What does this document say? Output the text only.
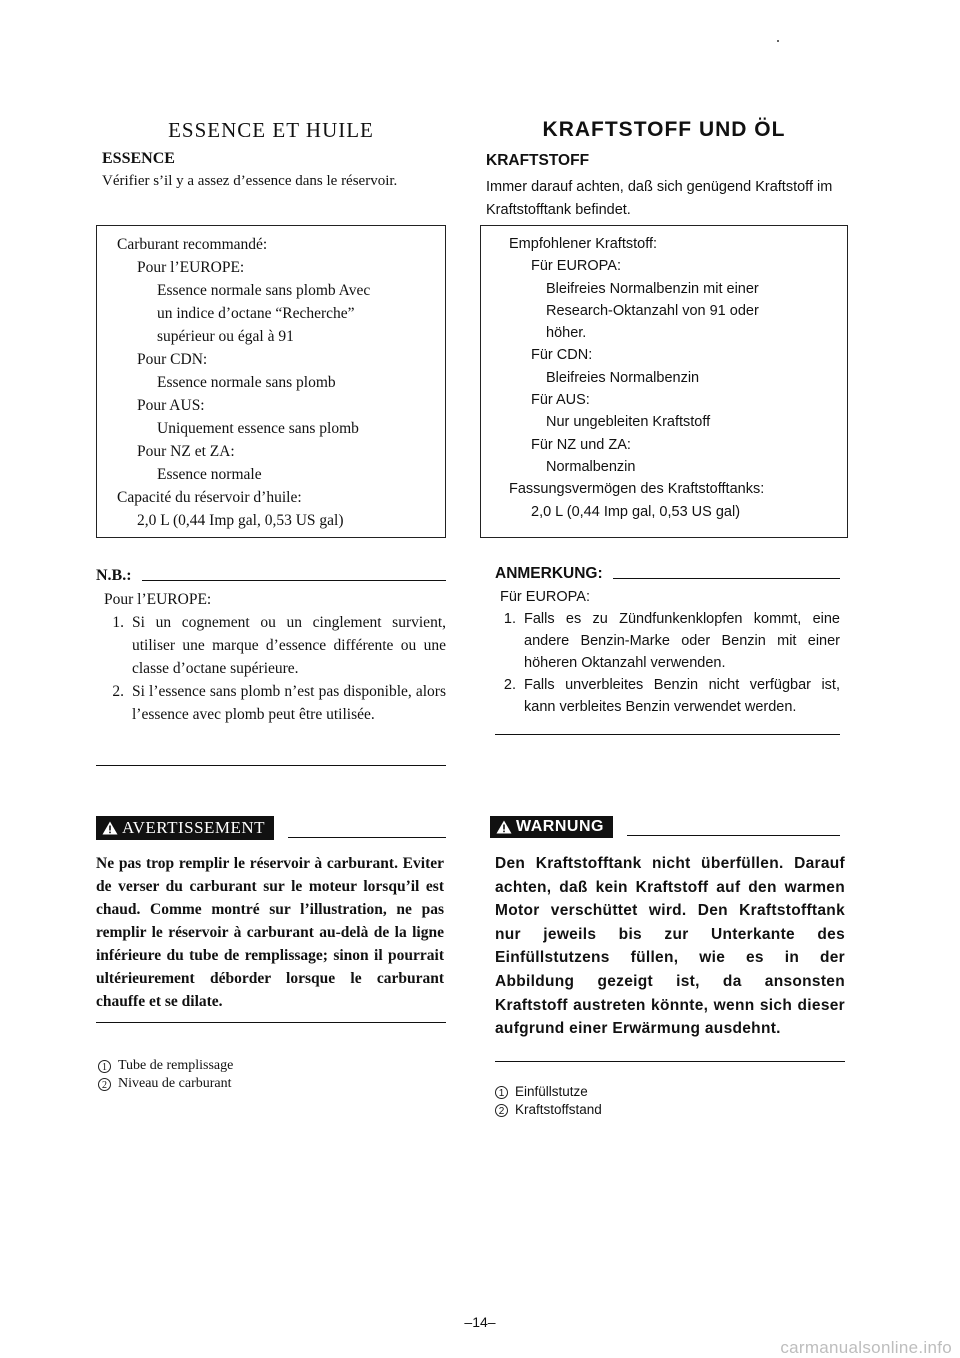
ESSENCE ET HUILE
ESSENCE
Vérifier s’il y a assez d’essence dans le réservoir.
Carburant recommandé:
Pour l’EUROPE:
Essence normale sans plomb Avec
un indice d’octane “Recherche”
supérieur ou égal à 91
Pour CDN:
Essence normale sans plomb
Pour AUS:
Uniquement essence sans plomb
Pour NZ et ZA:
Essence normale
Capacité du réservoir d’huile:
2,0 L (0,44 Imp gal, 0,53 US gal)
N.B.:
Pour l’EUROPE:
1. Si un cognement ou un cinglement survient, utiliser une marque d’essence différente ou une classe d’octane supérieure.
2. Si l’essence sans plomb n’est pas disponible, alors l’essence avec plomb peut être utilisée.
AVERTISSEMENT
Ne pas trop remplir le réservoir à carburant. Eviter de verser du carburant sur le moteur lorsqu’il est chaud. Comme montré sur l’illustration, ne pas remplir le réservoir à carburant au-delà de la ligne inférieure du tube de remplissage; sinon il pourrait ultérieurement déborder lorsque le carburant chauffe et se dilate.
1 Tube de remplissage
2 Niveau de carburant
KRAFTSTOFF UND ÖL
KRAFTSTOFF
Immer darauf achten, daß sich genügend Kraftstoff im Kraftstofftank befindet.
Empfohlener Kraftstoff:
Für EUROPA:
Bleifreies Normalbenzin mit einer
Research-Oktanzahl von 91 oder
höher.
Für CDN:
Bleifreies Normalbenzin
Für AUS:
Nur ungebleiten Kraftstoff
Für NZ und ZA:
Normalbenzin
Fassungsvermögen des Kraftstofftanks:
2,0 L (0,44 Imp gal, 0,53 US gal)
ANMERKUNG:
Für EUROPA:
1. Falls es zu Zündfunkenklopfen kommt, eine andere Benzin-Marke oder Benzin mit einer höheren Oktanzahl verwenden.
2. Falls unverbleites Benzin nicht verfügbar ist, kann verbleites Benzin verwendet werden.
WARNUNG
Den Kraftstofftank nicht überfüllen. Darauf achten, daß kein Kraftstoff auf den warmen Motor verschüttet wird. Den Kraftstofftank nur jeweils bis zur Unterkante des Einfüllstutzens füllen, wie es in der Abbildung gezeigt ist, da ansonsten Kraftstoff austreten könnte, wenn sich dieser aufgrund einer Erwärmung ausdehnt.
1 Einfüllstutze
2 Kraftstoffstand
–14–
carmanualsonline.info
